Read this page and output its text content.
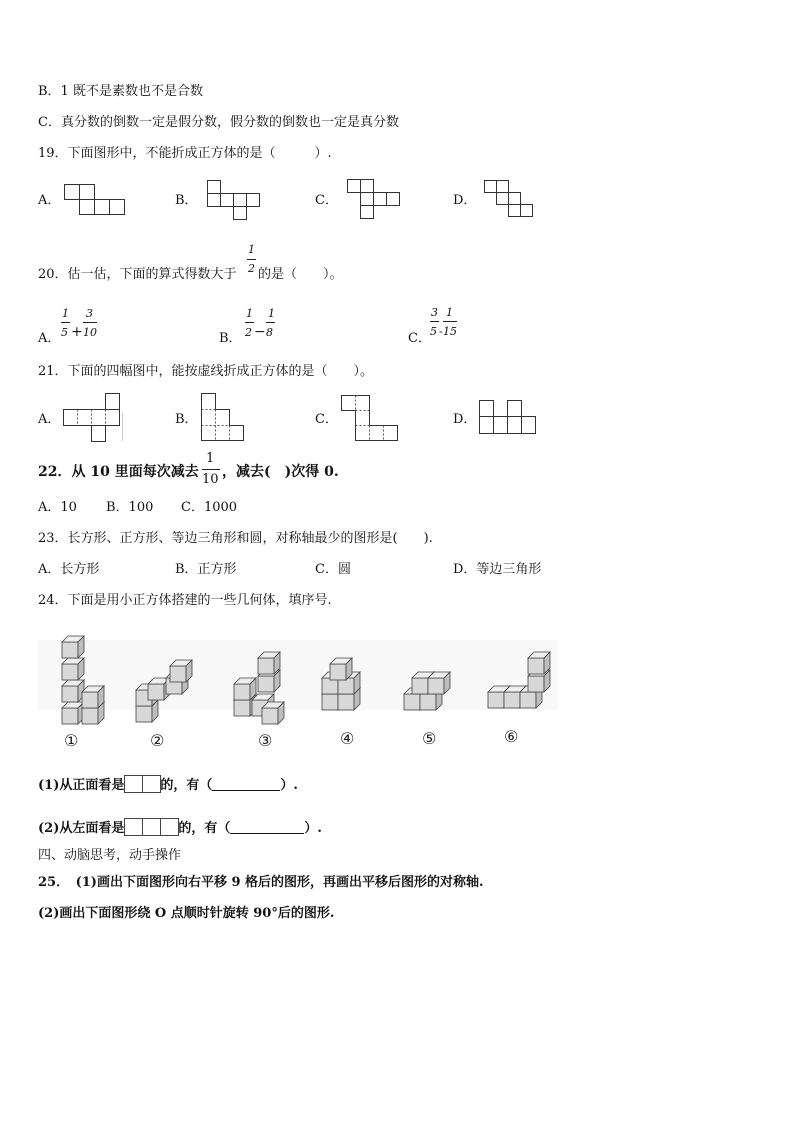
B．1 既不是素数也不是合数
C．真分数的倒数一定是假分数，假分数的倒数也一定是真分数
19．下面图形中，不能折成正方体的是（　　　）.
A．	B．	C．	D．
20．估一估，下面的算式得数大于
1
2 的是（　　）。
A．
1
5 +
3
10	B．
1
2 −
1
8	C．
3
5 -
1
15
21．下面的四幅图中，能按虚线折成正方体的是（　　）。
A．	B．	C．	D．
22．从 10 里面每次减去
1
10 ，减去(　)次得 0.
A．10 B．100 C．1000
23．长方形、正方形、等边三角形和圆，对称轴最少的图形是(　　).
A．长方形	B．正方形	C．圆	D．等边三角形
24．下面是用小正方体搭建的一些几何体，填序号.
①	②	③	④	⑤	⑥
(1)从正面看是	的，有（	）.
(2)从左面看是	的，有（	）.
四、动脑思考，动手操作
25．　(1)画出下面图形向右平移 9 格后的图形，再画出平移后图形的对称轴.
(2)画出下面图形绕 O 点顺时针旋转 90°后的图形.
